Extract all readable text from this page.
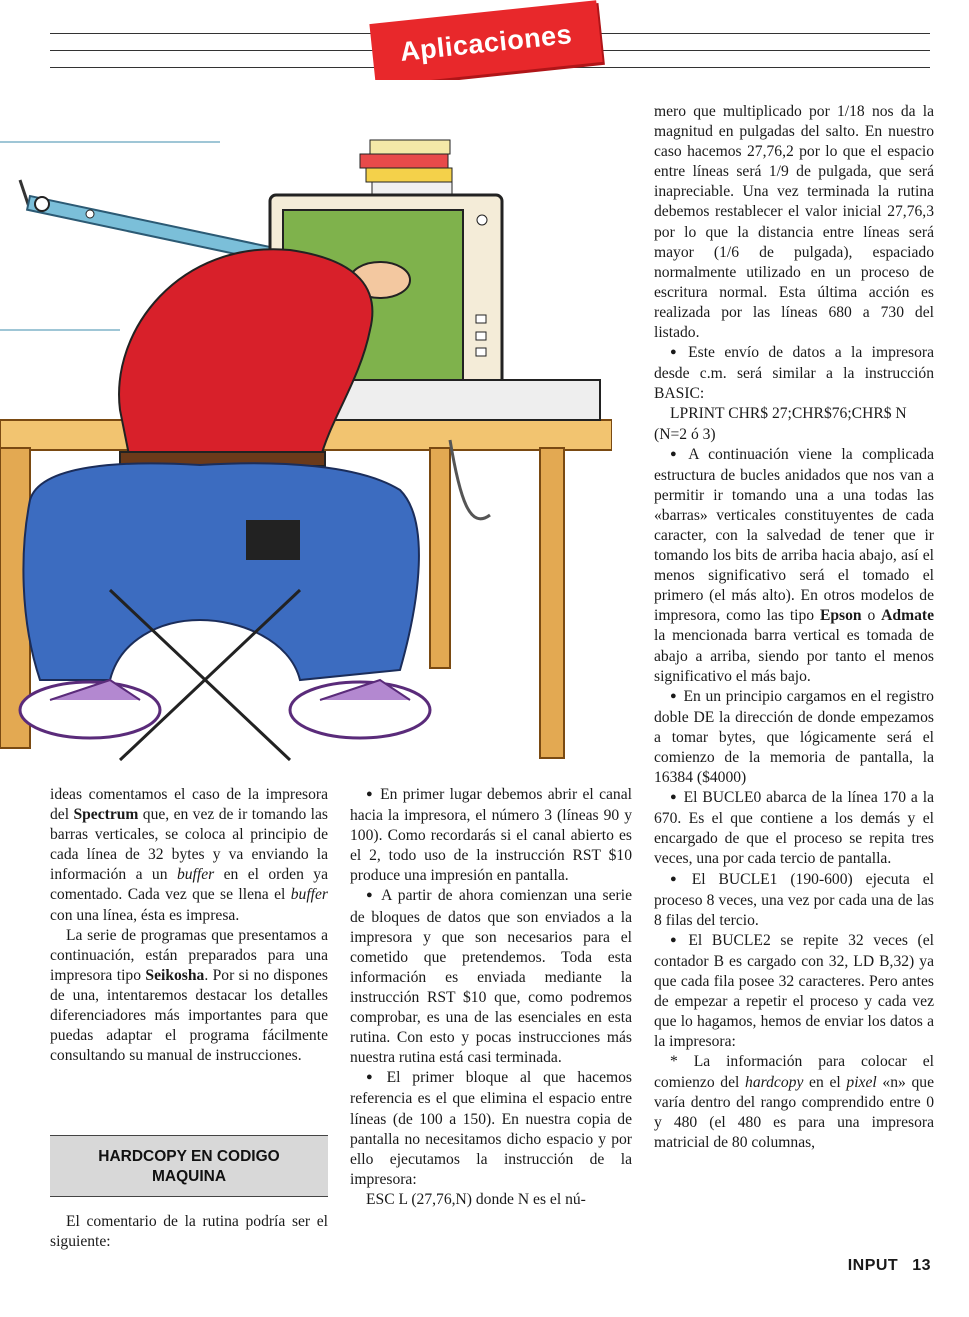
Aplicaciones

ideas comentamos el caso de la impresora del Spectrum que, en vez de ir tomando las barras verticales, se coloca al principio de cada línea de 32 bytes y va enviando la información a un buffer en el orden ya comentado. Cada vez que se llena el buffer con una línea, ésta es impresa.

La serie de programas que presentamos a continuación, están preparados para una impresora tipo Seikosha. Por si no dispones de una, intentaremos destacar los detalles diferenciadores más importantes para que puedas adaptar el programa fácilmente consultando su manual de instrucciones.

HARDCOPY EN CODIGO
MAQUINA

El comentario de la rutina podría ser el siguiente:

● En primer lugar debemos abrir el canal hacia la impresora, el número 3 (líneas 90 y 100). Como recordarás si el canal abierto es el 2, todo uso de la instrucción RST $10 produce una impresión en pantalla.

● A partir de ahora comienzan una serie de bloques de datos que son enviados a la impresora y que son necesarios para el cometido que pretendemos. Toda esta información es enviada mediante la instrucción RST $10 que, como podremos comprobar, es una de las esenciales en esta rutina. Con esto y pocas instrucciones más nuestra rutina está casi terminada.

● El primer bloque al que hacemos referencia es el que elimina el espacio entre líneas (de 100 a 150). En nuestra copia de pantalla no necesitamos dicho espacio y por ello ejecutamos la instrucción de la impresora:

ESC L (27,76,N) donde N es el nú-

mero que multiplicado por 1/18 nos da la magnitud en pulgadas del salto. En nuestro caso hacemos 27,76,2 por lo que el espacio entre líneas será 1/9 de pulgada, que será inapreciable. Una vez terminada la rutina debemos restablecer el valor inicial 27,76,3 por lo que la distancia entre líneas será mayor (1/6 de pulgada), espaciado normalmente utilizado en un proceso de escritura normal. Esta última acción es realizada por las líneas 680 a 730 del listado.

● Este envío de datos a la impresora desde c.m. será similar a la instrucción BASIC:

LPRINT CHR$ 27;CHR$76;CHR$ N (N=2 ó 3)

● A continuación viene la complicada estructura de bucles anidados que nos van a permitir ir tomando una a una todas las «barras» verticales constituyentes de cada caracter, con la salvedad de tener que ir tomando los bits de arriba hacia abajo, así el menos significativo será el tomado el primero (el más alto). En otros modelos de impresora, como las tipo Epson o Admate la mencionada barra vertical es tomada de abajo a arriba, siendo por tanto el menos significativo el más bajo.

● En un principio cargamos en el registro doble DE la dirección de donde empezamos a tomar bytes, que lógicamente será el comienzo de la memoria de pantalla, la 16384 ($4000)

● El BUCLE0 abarca de la línea 170 a la 670. Es el que contiene a los demás y el encargado de que el proceso se repita tres veces, una por cada tercio de pantalla.

● El BUCLE1 (190-600) ejecuta el proceso 8 veces, una vez por cada una de las 8 filas del tercio.

● El BUCLE2 se repite 32 veces (el contador B es cargado con 32, LD B,32) ya que cada fila posee 32 caracteres. Pero antes de empezar a repetir el proceso y cada vez que lo hagamos, hemos de enviar los datos a la impresora:

* La información para colocar el comienzo del hardcopy en el pixel «n» que varía dentro del rango comprendido entre 0 y 480 (el 480 es para una impresora matricial de 80 columnas,

INPUT 13
